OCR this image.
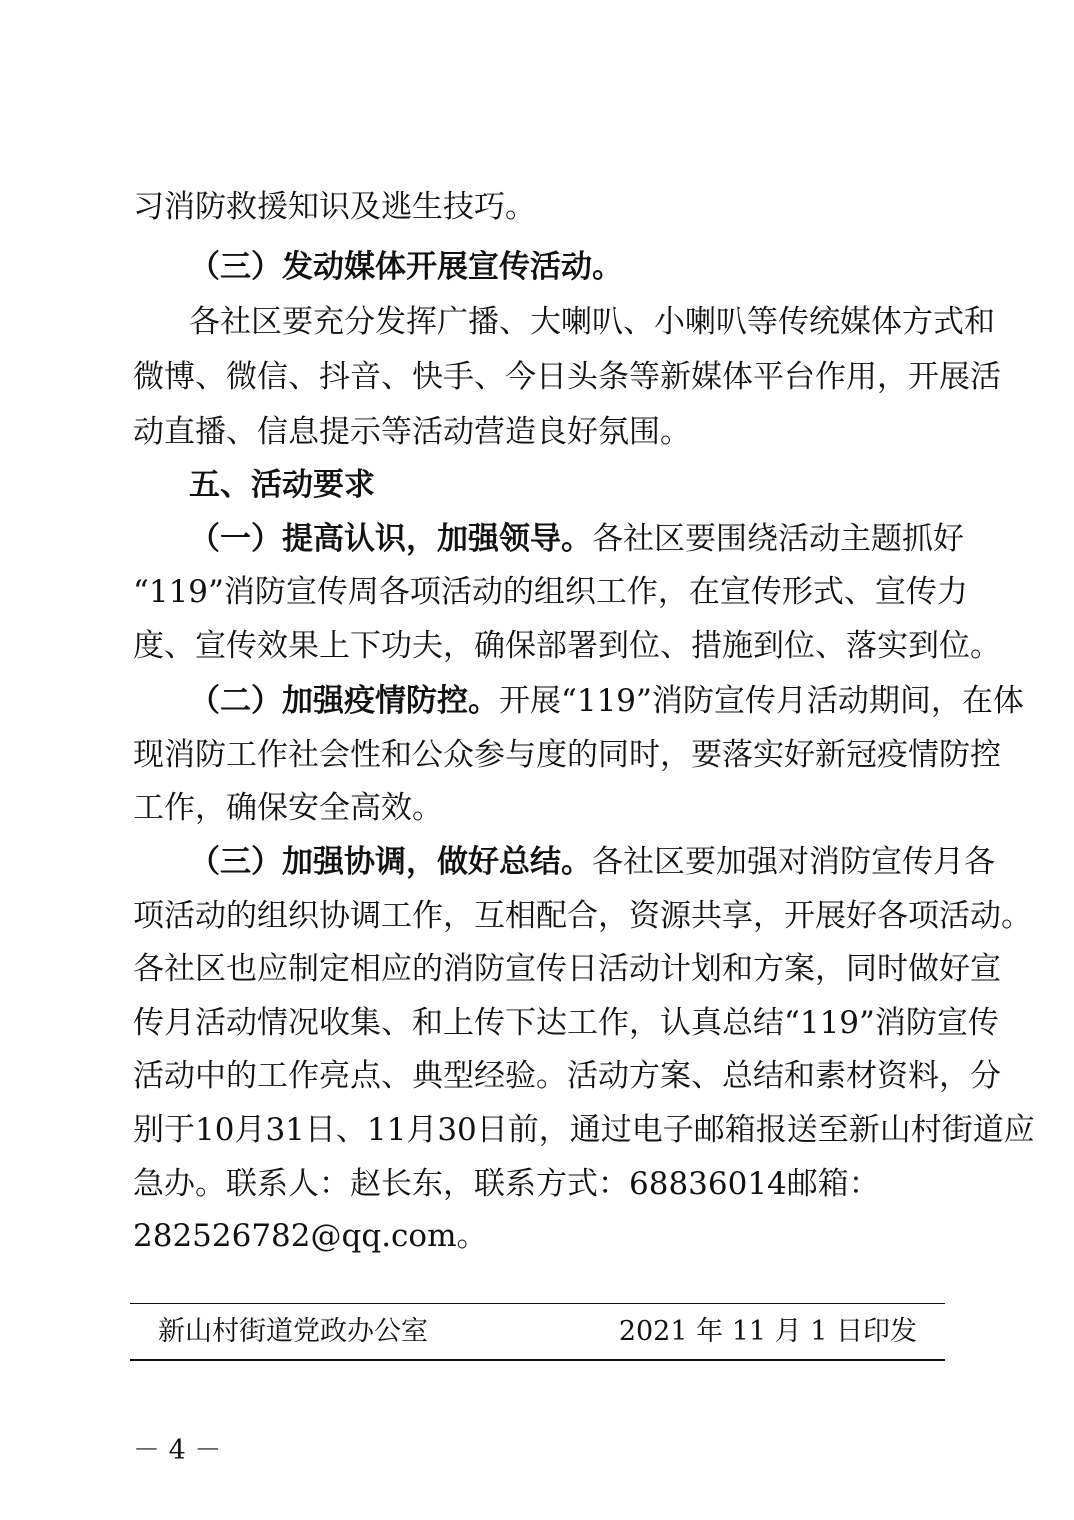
习消防救援知识及逃生技巧。
（三）发动媒体开展宣传活动。
各社区要充分发挥广播、大喇叭、小喇叭等传统媒体方式和
微博、微信、抖音、快手、今日头条等新媒体平台作用，开展活
动直播、信息提示等活动营造良好氛围。
五、活动要求
（一）提高认识，加强领导。各社区要围绕活动主题抓好
“119”消防宣传周各项活动的组织工作，在宣传形式、宣传力
度、宣传效果上下功夫，确保部署到位、措施到位、落实到位。
（二）加强疫情防控。开展“119”消防宣传月活动期间，在体
现消防工作社会性和公众参与度的同时，要落实好新冠疫情防控
工作，确保安全高效。
（三）加强协调，做好总结。各社区要加强对消防宣传月各
项活动的组织协调工作，互相配合，资源共享，开展好各项活动。
各社区也应制定相应的消防宣传日活动计划和方案，同时做好宣
传月活动情况收集、和上传下达工作，认真总结“119”消防宣传
活动中的工作亮点、典型经验。活动方案、总结和素材资料，分
别于10月31日、11月30日前，通过电子邮箱报送至新山村街道应
急办。联系人：赵长东，联系方式：68836014邮箱：
282526782@qq.com。
新山村街道党政办公室	2021 年 11 月 1 日印发
－ 4 －
